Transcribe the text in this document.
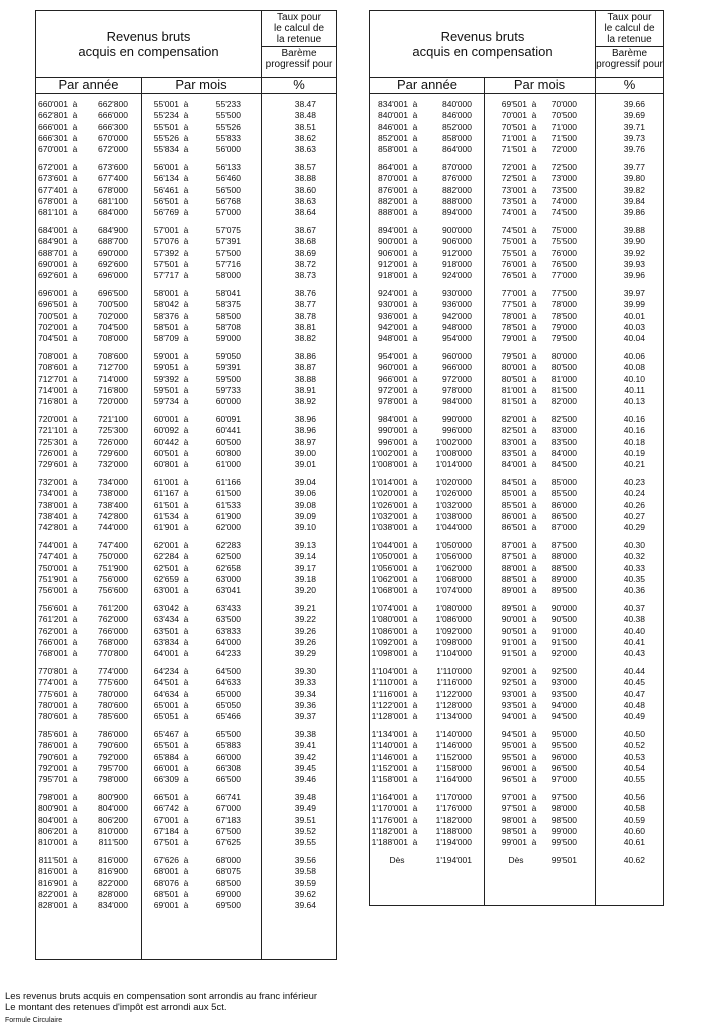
Revenus bruts
acquis en compensation
Taux pour
le calcul de
la retenue
Barème
progressif pour
Par année	Par mois	%
660'001 à	662'800	55'001 à	55'233	38.47
662'801 à	666'000	55'234 à	55'500	38.48
666'001 à	666'300	55'501 à	55'526	38.51
666'301 à	670'000	55'526 à	55'833	38.62
670'001 à	672'000	55'834 à	56'000	38.63
672'001 à	673'600	56'001 à	56'133	38.57
673'601 à	677'400	56'134 à	56'460	38.88
677'401 à	678'000	56'461 à	56'500	38.60
678'001 à	681'100	56'501 à	56'768	38.63
681'101 à	684'000	56'769 à	57'000	38.64
684'001 à	684'900	57'001 à	57'075	38.67
684'901 à	688'700	57'076 à	57'391	38.68
688'701 à	690'000	57'392 à	57'500	38.69
690'001 à	692'600	57'501 à	57'716	38.72
692'601 à	696'000	57'717 à	58'000	38.73
696'001 à	696'500	58'001 à	58'041	38.76
696'501 à	700'500	58'042 à	58'375	38.77
700'501 à	702'000	58'376 à	58'500	38.78
702'001 à	704'500	58'501 à	58'708	38.81
704'501 à	708'000	58'709 à	59'000	38.82
708'001 à	708'600	59'001 à	59'050	38.86
708'601 à	712'700	59'051 à	59'391	38.87
712'701 à	714'000	59'392 à	59'500	38.88
714'001 à	716'800	59'501 à	59'733	38.91
716'801 à	720'000	59'734 à	60'000	38.92
720'001 à	721'100	60'001 à	60'091	38.96
721'101 à	725'300	60'092 à	60'441	38.96
725'301 à	726'000	60'442 à	60'500	38.97
726'001 à	729'600	60'501 à	60'800	39.00
729'601 à	732'000	60'801 à	61'000	39.01
732'001 à	734'000	61'001 à	61'166	39.04
734'001 à	738'000	61'167 à	61'500	39.06
738'001 à	738'400	61'501 à	61'533	39.08
738'401 à	742'800	61'534 à	61'900	39.09
742'801 à	744'000	61'901 à	62'000	39.10
744'001 à	747'400	62'001 à	62'283	39.13
747'401 à	750'000	62'284 à	62'500	39.14
750'001 à	751'900	62'501 à	62'658	39.17
751'901 à	756'000	62'659 à	63'000	39.18
756'001 à	756'600	63'001 à	63'041	39.20
756'601 à	761'200	63'042 à	63'433	39.21
761'201 à	762'000	63'434 à	63'500	39.22
762'001 à	766'000	63'501 à	63'833	39.26
766'001 à	768'000	63'834 à	64'000	39.26
768'001 à	770'800	64'001 à	64'233	39.29
770'801 à	774'000	64'234 à	64'500	39.30
774'001 à	775'600	64'501 à	64'633	39.33
775'601 à	780'000	64'634 à	65'000	39.34
780'001 à	780'600	65'001 à	65'050	39.36
780'601 à	785'600	65'051 à	65'466	39.37
785'601 à	786'000	65'467 à	65'500	39.38
786'001 à	790'600	65'501 à	65'883	39.41
790'601 à	792'000	65'884 à	66'000	39.42
792'001 à	795'700	66'001 à	66'308	39.45
795'701 à	798'000	66'309 à	66'500	39.46
798'001 à	800'900	66'501 à	66'741	39.48
800'901 à	804'000	66'742 à	67'000	39.49
804'001 à	806'200	67'001 à	67'183	39.51
806'201 à	810'000	67'184 à	67'500	39.52
810'001 à	811'500	67'501 à	67'625	39.55
811'501 à	816'000	67'626 à	68'000	39.56
816'001 à	816'900	68'001 à	68'075	39.58
816'901 à	822'000	68'076 à	68'500	39.59
822'001 à	828'000	68'501 à	69'000	39.62
828'001 à	834'000	69'001 à	69'500	39.64
Revenus bruts
acquis en compensation
Taux pour
le calcul de
la retenue
Barème
progressif pour
Par année	Par mois	%
834'001 à	840'000	69'501 à	70'000	39.66
840'001 à	846'000	70'001 à	70'500	39.69
846'001 à	852'000	70'501 à	71'000	39.71
852'001 à	858'000	71'001 à	71'500	39.73
858'001 à	864'000	71'501 à	72'000	39.76
864'001 à	870'000	72'001 à	72'500	39.77
870'001 à	876'000	72'501 à	73'000	39.80
876'001 à	882'000	73'001 à	73'500	39.82
882'001 à	888'000	73'501 à	74'000	39.84
888'001 à	894'000	74'001 à	74'500	39.86
894'001 à	900'000	74'501 à	75'000	39.88
900'001 à	906'000	75'001 à	75'500	39.90
906'001 à	912'000	75'501 à	76'000	39.92
912'001 à	918'000	76'001 à	76'500	39.93
918'001 à	924'000	76'501 à	77'000	39.96
924'001 à	930'000	77'001 à	77'500	39.97
930'001 à	936'000	77'501 à	78'000	39.99
936'001 à	942'000	78'001 à	78'500	40.01
942'001 à	948'000	78'501 à	79'000	40.03
948'001 à	954'000	79'001 à	79'500	40.04
954'001 à	960'000	79'501 à	80'000	40.06
960'001 à	966'000	80'001 à	80'500	40.08
966'001 à	972'000	80'501 à	81'000	40.10
972'001 à	978'000	81'001 à	81'500	40.11
978'001 à	984'000	81'501 à	82'000	40.13
984'001 à	990'000	82'001 à	82'500	40.16
990'001 à	996'000	82'501 à	83'000	40.16
996'001 à	1'002'000	83'001 à	83'500	40.18
1'002'001 à	1'008'000	83'501 à	84'000	40.19
1'008'001 à	1'014'000	84'001 à	84'500	40.21
1'014'001 à	1'020'000	84'501 à	85'000	40.23
1'020'001 à	1'026'000	85'001 à	85'500	40.24
1'026'001 à	1'032'000	85'501 à	86'000	40.26
1'032'001 à	1'038'000	86'001 à	86'500	40.27
1'038'001 à	1'044'000	86'501 à	87'000	40.29
1'044'001 à	1'050'000	87'001 à	87'500	40.30
1'050'001 à	1'056'000	87'501 à	88'000	40.32
1'056'001 à	1'062'000	88'001 à	88'500	40.33
1'062'001 à	1'068'000	88'501 à	89'000	40.35
1'068'001 à	1'074'000	89'001 à	89'500	40.36
1'074'001 à	1'080'000	89'501 à	90'000	40.37
1'080'001 à	1'086'000	90'001 à	90'500	40.38
1'086'001 à	1'092'000	90'501 à	91'000	40.40
1'092'001 à	1'098'000	91'001 à	91'500	40.41
1'098'001 à	1'104'000	91'501 à	92'000	40.43
1'104'001 à	1'110'000	92'001 à	92'500	40.44
1'110'001 à	1'116'000	92'501 à	93'000	40.45
1'116'001 à	1'122'000	93'001 à	93'500	40.47
1'122'001 à	1'128'000	93'501 à	94'000	40.48
1'128'001 à	1'134'000	94'001 à	94'500	40.49
1'134'001 à	1'140'000	94'501 à	95'000	40.50
1'140'001 à	1'146'000	95'001 à	95'500	40.52
1'146'001 à	1'152'000	95'501 à	96'000	40.53
1'152'001 à	1'158'000	96'001 à	96'500	40.54
1'158'001 à	1'164'000	96'501 à	97'000	40.55
1'164'001 à	1'170'000	97'001 à	97'500	40.56
1'170'001 à	1'176'000	97'501 à	98'000	40.58
1'176'001 à	1'182'000	98'001 à	98'500	40.59
1'182'001 à	1'188'000	98'501 à	99'000	40.60
1'188'001 à	1'194'000	99'001 à	99'500	40.61
Dès	1'194'001	Dès	99'501	40.62
Les revenus bruts acquis en compensation sont arrondis au franc inférieur
Le montant des retenues d'impôt est arrondi aux 5ct.
Formule Circulaire
